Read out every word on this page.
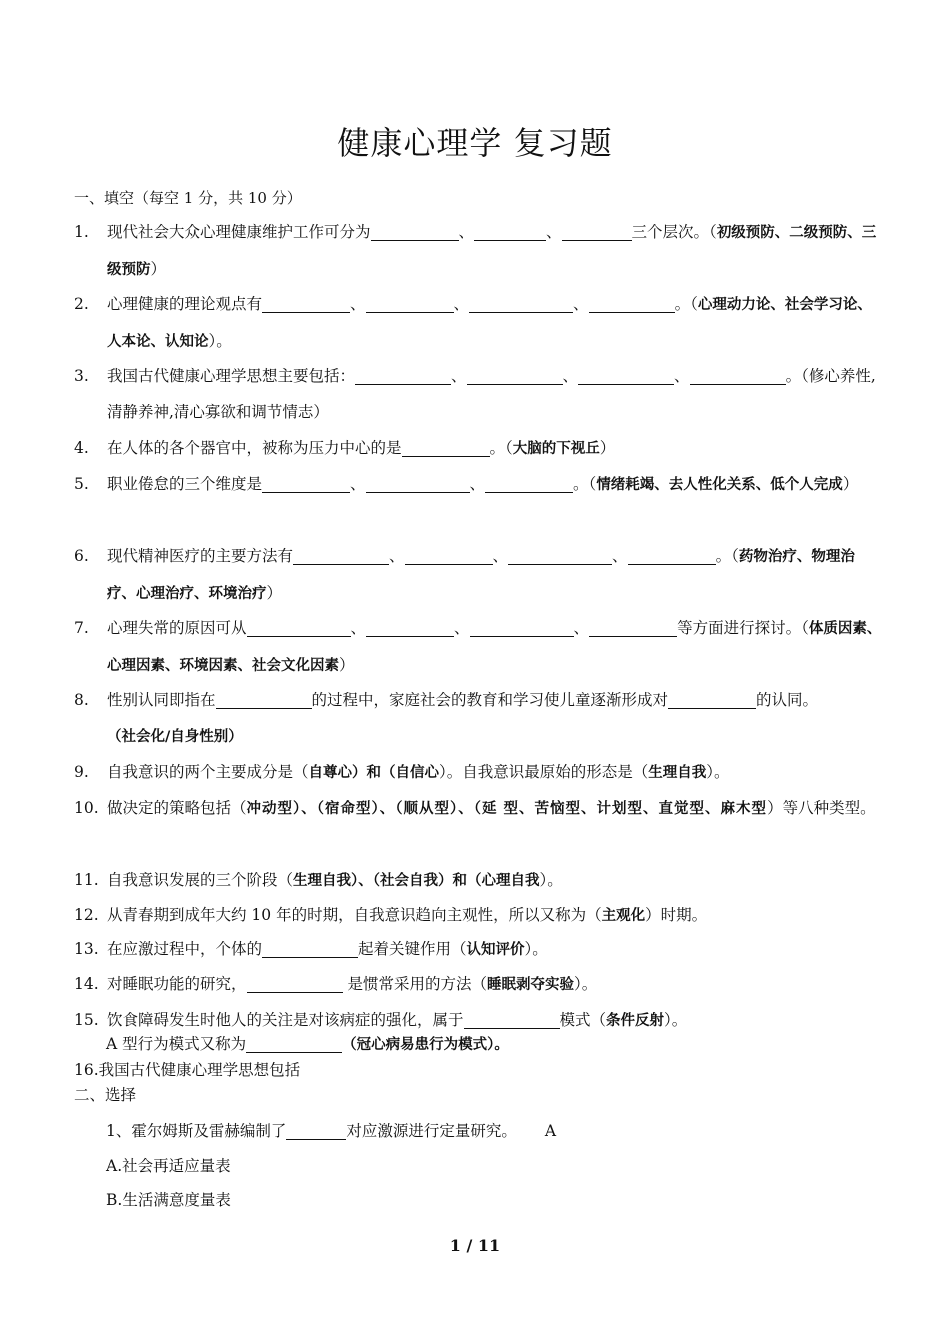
健康心理学 复习题
一、填空（每空 1 分，共 10 分）
1.	现代社会大众心理健康维护工作可分为	、	、	三个层次。（初级预防、二级预防、三级预防）
2.	心理健康的理论观点有	、	、	、	。（心理动力论、社会学习论、人本论、认知论）。
3.	我国古代健康心理学思想主要包括：	、	、	、	。（修心养性,清静养神,清心寡欲和调节情志）
4.	在人体的各个器官中，被称为压力中心的是	。（大脑的下视丘）
5.	职业倦怠的三个维度是	、	、	。（情绪耗竭、去人性化关系、低个人完成）
6.	现代精神医疗的主要方法有	、	、	、	。（药物治疗、物理治疗、心理治疗、环境治疗）
7.	心理失常的原因可从	、	、	、	等方面进行探讨。（体质因素、心理因素、环境因素、社会文化因素）
8.	性别认同即指在	的过程中，家庭社会的教育和学习使儿童逐渐形成对	的认同。
（社会化/自身性别）
9.	自我意识的两个主要成分是（自尊心）和（自信心）。自我意识最原始的形态是（生理自我）。
10. 做决定的策略包括（冲动型）、（宿命型）、（顺从型）、（延 型、苦恼型、计划型、直觉型、麻木型）等八种类型。
11. 自我意识发展的三个阶段（生理自我）、（社会自我）和（心理自我）。
12. 从青春期到成年大约 10 年的时期，自我意识趋向主观性，所以又称为（主观化）时期。
13. 在应激过程中，个体的	起着关键作用（认知评价）。
14. 对睡眠功能的研究，	是惯常采用的方法（睡眠剥夺实验）。
15. 饮食障碍发生时他人的关注是对该病症的强化，属于	模式（条件反射）。
A 型行为模式又称为	（冠心病易患行为模式）。
16.我国古代健康心理学思想包括
二、选择
1、霍尔姆斯及雷赫编制了	对应激源进行定量研究。 A
A.社会再适应量表
B.生活满意度量表
1 / 11
